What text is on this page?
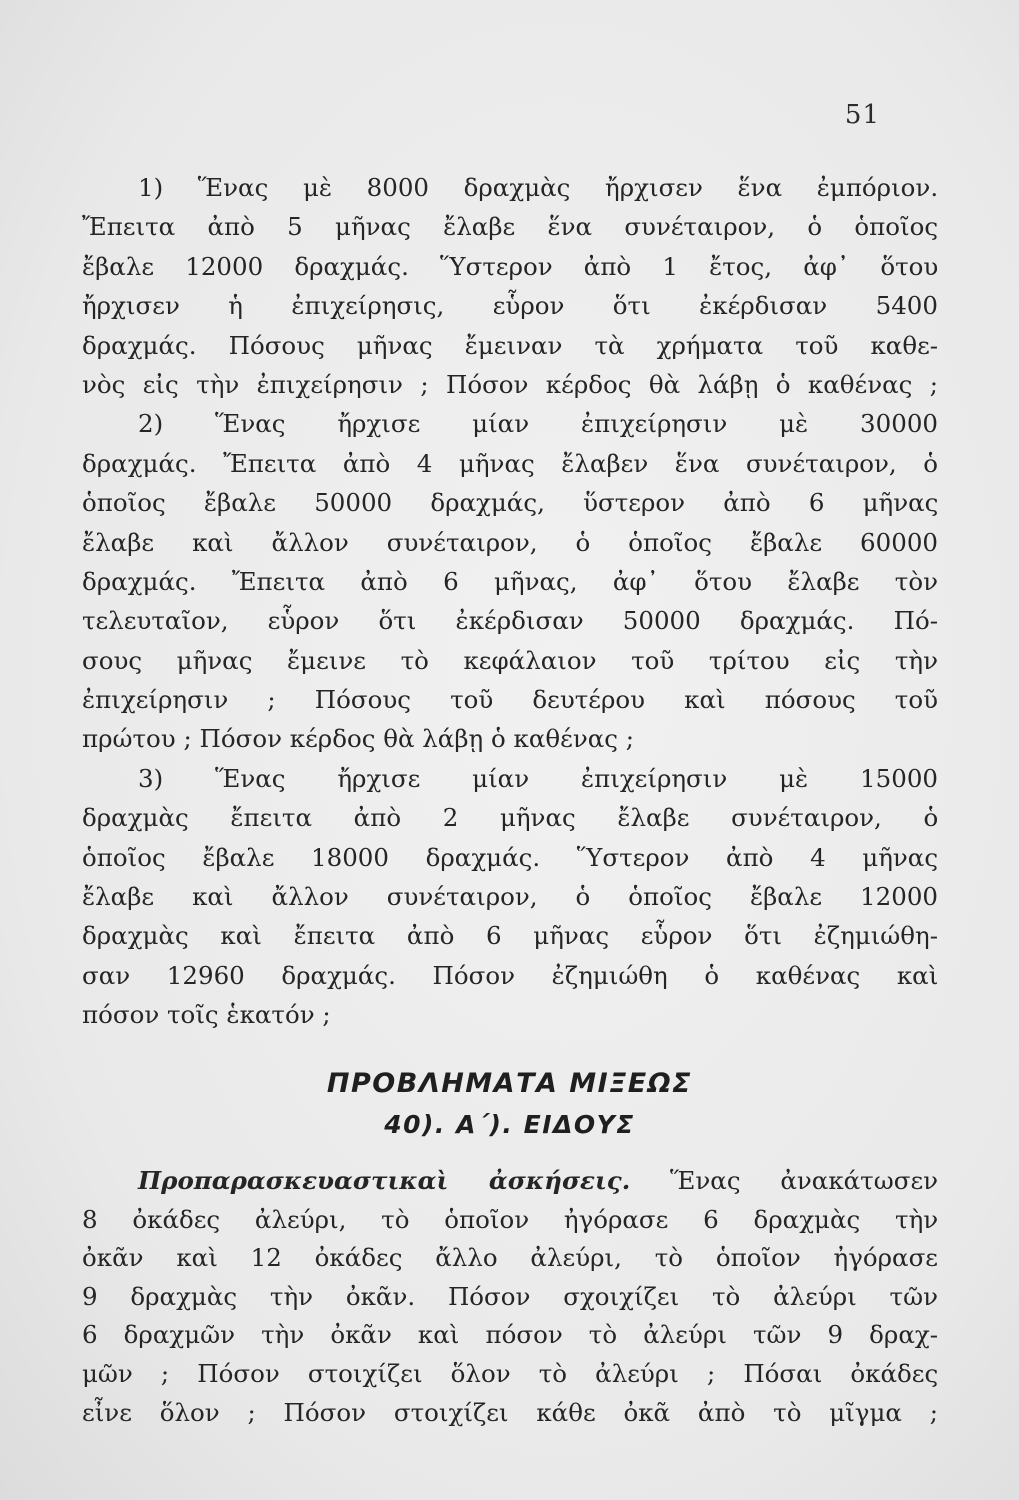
51
1) Ἕνας μὲ 8000 δραχμὰς ἤρχισεν ἕνα ἐμπόριον.
Ἔπειτα ἀπὸ 5 μῆνας ἔλαβε ἕνα συνέταιρον, ὁ ὁποῖος
ἔβαλε 12000 δραχμάς. Ὕστερον ἀπὸ 1 ἔτος, ἀφ᾽ ὅτου
ἤρχισεν ἡ ἐπιχείρησις, εὗρον ὅτι ἐκέρδισαν 5400
δραχμάς. Πόσους μῆνας ἔμειναν τὰ χρήματα τοῦ καθε-
νὸς εἰς τὴν ἐπιχείρησιν ; Πόσον κέρδος θὰ λάβῃ ὁ καθένας ;
2) Ἕνας ἤρχισε μίαν ἐπιχείρησιν μὲ 30000
δραχμάς. Ἔπειτα ἀπὸ 4 μῆνας ἔλαβεν ἕνα συνέταιρον, ὁ
ὁποῖος ἔβαλε 50000 δραχμάς, ὕστερον ἀπὸ 6 μῆνας
ἔλαβε καὶ ἄλλον συνέταιρον, ὁ ὁποῖος ἔβαλε 60000
δραχμάς. Ἔπειτα ἀπὸ 6 μῆνας, ἀφ᾽ ὅτου ἔλαβε τὸν
τελευταῖον, εὗρον ὅτι ἐκέρδισαν 50000 δραχμάς. Πό-
σους μῆνας ἔμεινε τὸ κεφάλαιον τοῦ τρίτου εἰς τὴν
ἐπιχείρησιν ; Πόσους τοῦ δευτέρου καὶ πόσους τοῦ
πρώτου ; Πόσον κέρδος θὰ λάβῃ ὁ καθένας ;
3) Ἕνας ἤρχισε μίαν ἐπιχείρησιν μὲ 15000
δραχμὰς ἔπειτα ἀπὸ 2 μῆνας ἔλαβε συνέταιρον, ὁ
ὁποῖος ἔβαλε 18000 δραχμάς. Ὕστερον ἀπὸ 4 μῆνας
ἔλαβε καὶ ἄλλον συνέταιρον, ὁ ὁποῖος ἔβαλε 12000
δραχμὰς καὶ ἔπειτα ἀπὸ 6 μῆνας εὗρον ὅτι ἐζημιώθη-
σαν 12960 δραχμάς. Πόσον ἐζημιώθη ὁ καθένας καὶ
πόσον τοῖς ἑκατόν ;
ΠΡΟΒΛΗΜΑΤΑ ΜΙΞΕΩΣ
40). Α΄). ΕΙΔΟΥΣ
Προπαρασκευαστικαὶ ἀσκήσεις. Ἕνας ἀνακάτωσεν
8 ὀκάδες ἀλεύρι, τὸ ὁποῖον ἠγόρασε 6 δραχμὰς τὴν
ὀκᾶν καὶ 12 ὀκάδες ἄλλο ἀλεύρι, τὸ ὁποῖον ἠγόρασε
9 δραχμὰς τὴν ὀκᾶν. Πόσον σχοιχίζει τὸ ἀλεύρι τῶν
6 δραχμῶν τὴν ὀκᾶν καὶ πόσον τὸ ἀλεύρι τῶν 9 δραχ-
μῶν ; Πόσον στοιχίζει ὅλον τὸ ἀλεύρι ; Πόσαι ὀκάδες
εἶνε ὅλον ; Πόσον στοιχίζει κάθε ὀκᾶ ἀπὸ τὸ μῖγμα ;
